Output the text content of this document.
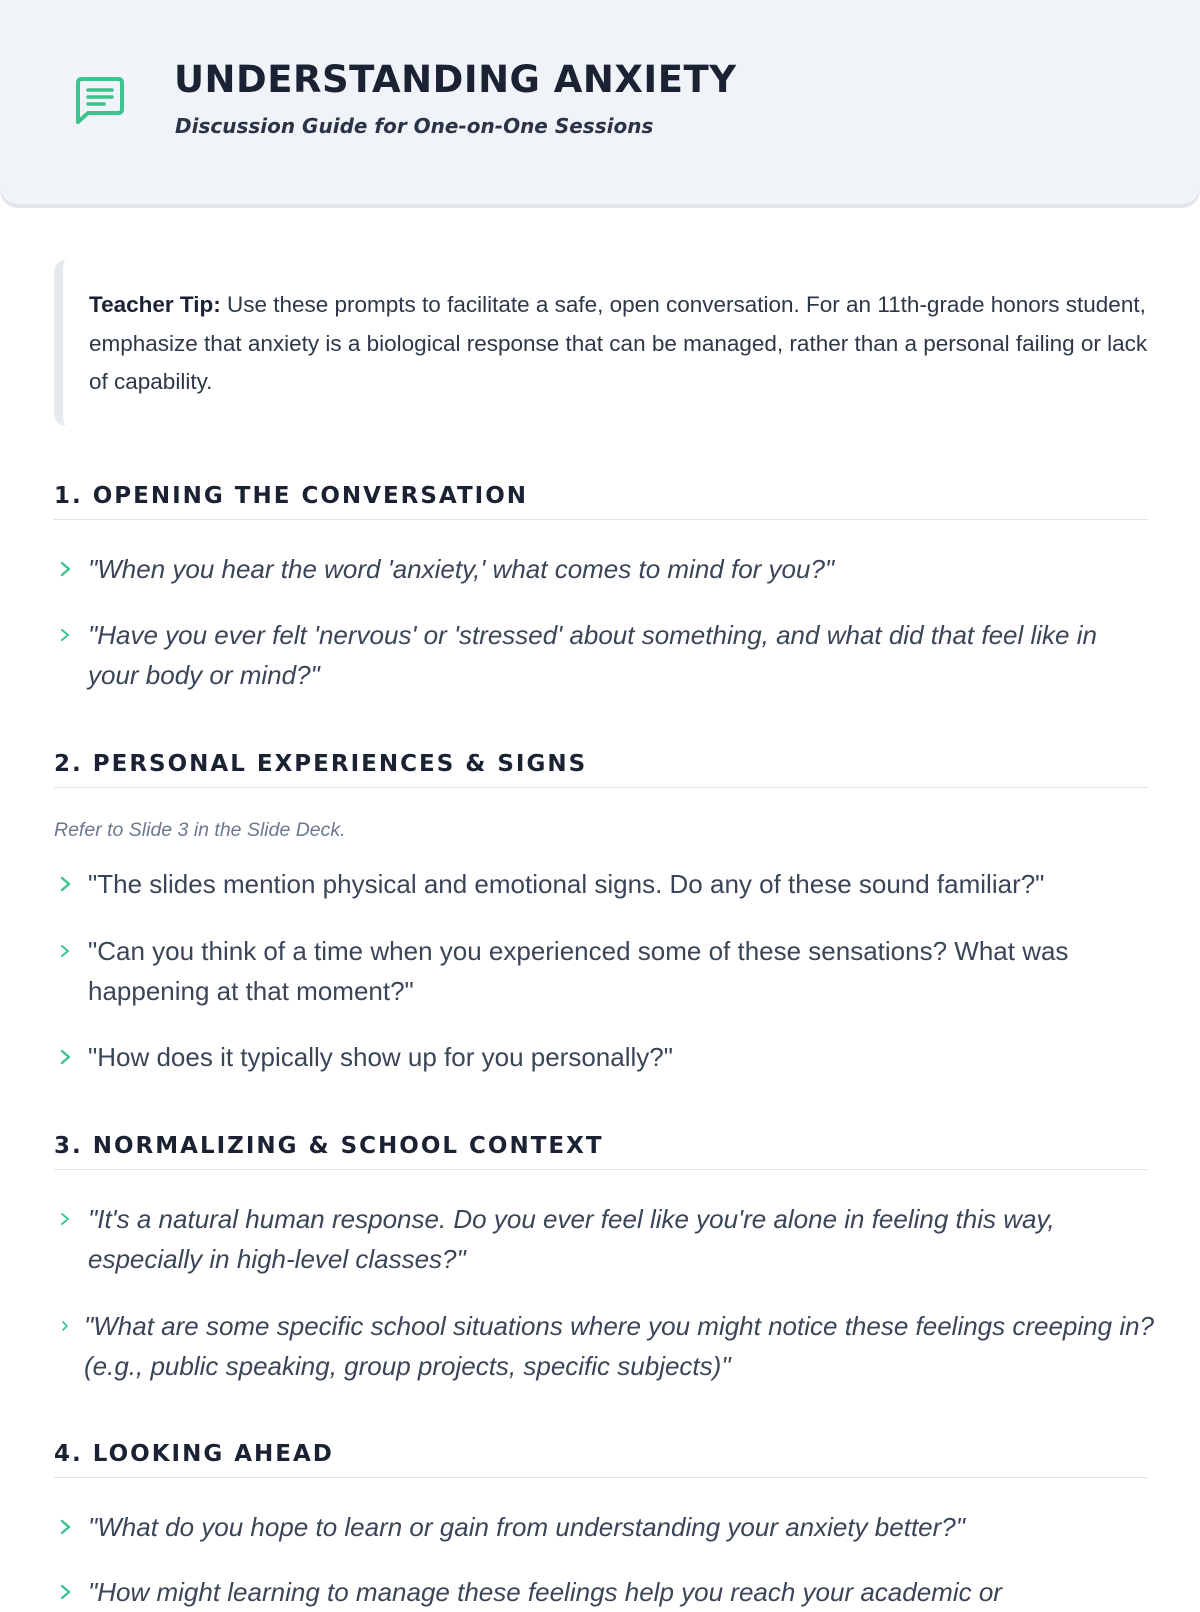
UNDERSTANDING ANXIETY
Discussion Guide for One-on-One Sessions
Teacher Tip: Use these prompts to facilitate a safe, open conversation. For an 11th-grade honors student, emphasize that anxiety is a biological response that can be managed, rather than a personal failing or lack of capability.
1. OPENING THE CONVERSATION
"When you hear the word 'anxiety,' what comes to mind for you?"
"Have you ever felt 'nervous' or 'stressed' about something, and what did that feel like in your body or mind?"
2. PERSONAL EXPERIENCES & SIGNS
Refer to Slide 3 in the Slide Deck.
"The slides mention physical and emotional signs. Do any of these sound familiar?"
"Can you think of a time when you experienced some of these sensations? What was happening at that moment?"
"How does it typically show up for you personally?"
3. NORMALIZING & SCHOOL CONTEXT
"It's a natural human response. Do you ever feel like you're alone in feeling this way, especially in high-level classes?"
"What are some specific school situations where you might notice these feelings creeping in? (e.g., public speaking, group projects, specific subjects)"
4. LOOKING AHEAD
"What do you hope to learn or gain from understanding your anxiety better?"
"How might learning to manage these feelings help you reach your academic or
